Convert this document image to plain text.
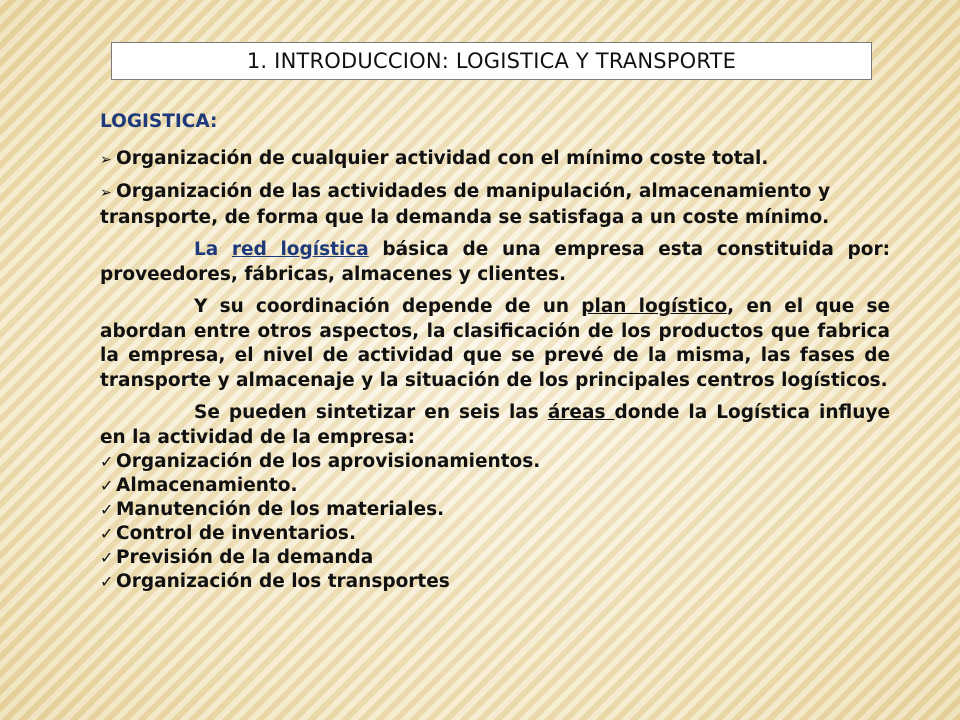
1. INTRODUCCION: LOGISTICA Y TRANSPORTE

LOGISTICA:

➢ Organización de cualquier actividad con el mínimo coste total.

➢ Organización de las actividades de manipulación, almacenamiento y transporte, de forma que la demanda se satisfaga a un coste mínimo.

La red logística básica de una empresa esta constituida por: proveedores, fábricas, almacenes y clientes.

Y su coordinación depende de un plan logístico, en el que se abordan entre otros aspectos, la clasificación de los productos que fabrica la empresa, el nivel de actividad que se prevé de la misma, las fases de transporte y almacenaje y la situación de los principales centros logísticos.

Se pueden sintetizar en seis las áreas donde la Logística influye en la actividad de la empresa:

✓ Organización de los aprovisionamientos.
✓ Almacenamiento.
✓ Manutención de los materiales.
✓ Control de inventarios.
✓ Previsión de la demanda
✓ Organización de los transportes
